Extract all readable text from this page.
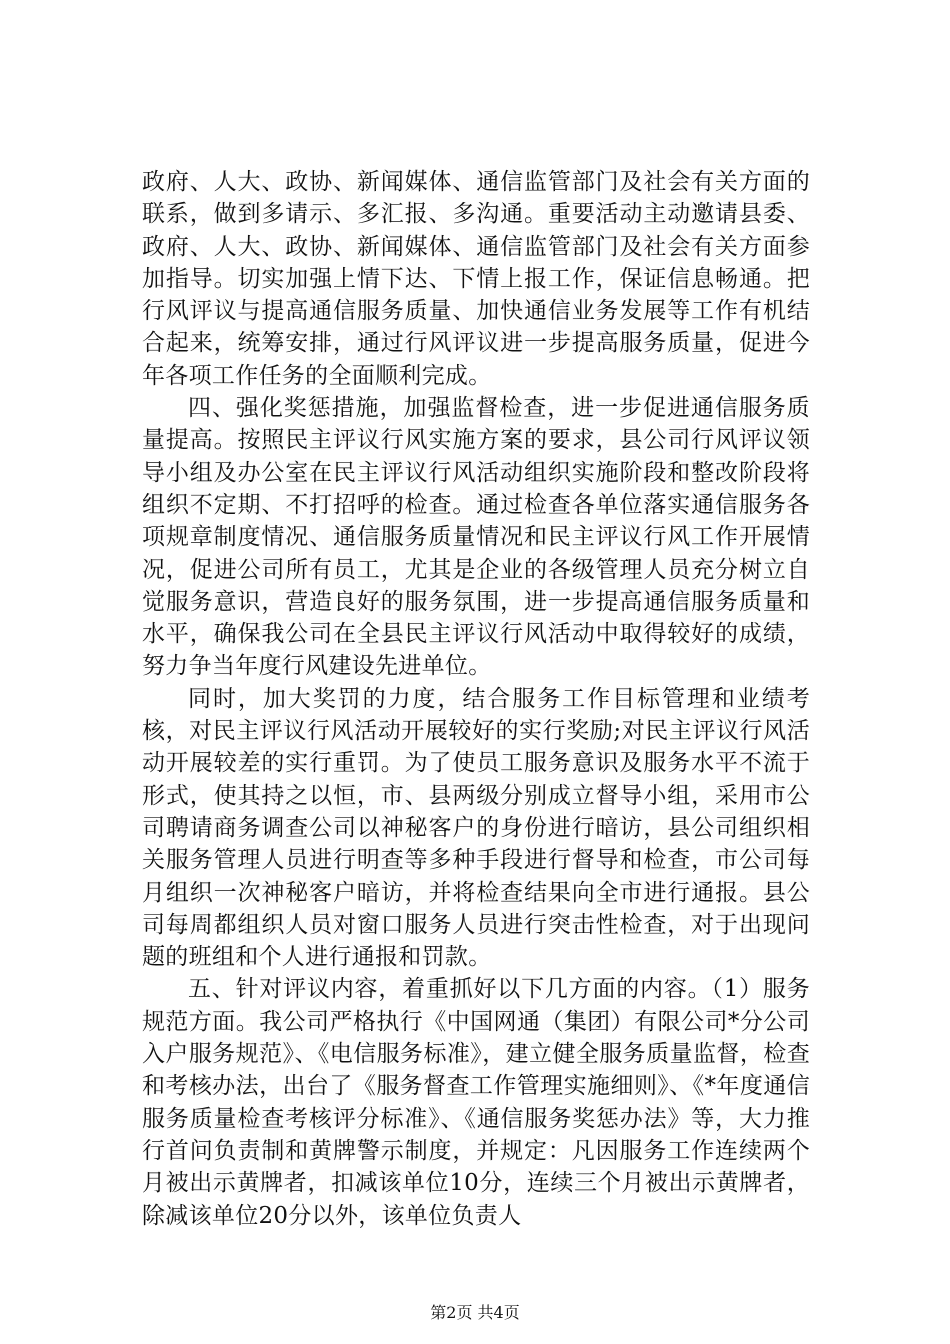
政府、人大、政协、新闻媒体、通信监管部门及社会有关方面的联系，做到多请示、多汇报、多沟通。重要活动主动邀请县委、政府、人大、政协、新闻媒体、通信监管部门及社会有关方面参加指导。切实加强上情下达、下情上报工作，保证信息畅通。把行风评议与提高通信服务质量、加快通信业务发展等工作有机结合起来，统筹安排，通过行风评议进一步提高服务质量，促进今年各项工作任务的全面顺利完成。

四、强化奖惩措施，加强监督检查，进一步促进通信服务质量提高。按照民主评议行风实施方案的要求，县公司行风评议领导小组及办公室在民主评议行风活动组织实施阶段和整改阶段将组织不定期、不打招呼的检查。通过检查各单位落实通信服务各项规章制度情况、通信服务质量情况和民主评议行风工作开展情况，促进公司所有员工，尤其是企业的各级管理人员充分树立自觉服务意识，营造良好的服务氛围，进一步提高通信服务质量和水平，确保我公司在全县民主评议行风活动中取得较好的成绩，努力争当年度行风建设先进单位。

同时，加大奖罚的力度，结合服务工作目标管理和业绩考核，对民主评议行风活动开展较好的实行奖励;对民主评议行风活动开展较差的实行重罚。为了使员工服务意识及服务水平不流于形式，使其持之以恒，市、县两级分别成立督导小组，采用市公司聘请商务调查公司以神秘客户的身份进行暗访，县公司组织相关服务管理人员进行明查等多种手段进行督导和检查，市公司每月组织一次神秘客户暗访，并将检查结果向全市进行通报。县公司每周都组织人员对窗口服务人员进行突击性检查，对于出现问题的班组和个人进行通报和罚款。

五、针对评议内容，着重抓好以下几方面的内容。（1）服务规范方面。我公司严格执行《中国网通（集团）有限公司*分公司入户服务规范》、《电信服务标准》，建立健全服务质量监督，检查和考核办法，出台了《服务督查工作管理实施细则》、《*年度通信服务质量检查考核评分标准》、《通信服务奖惩办法》等，大力推行首问负责制和黄牌警示制度，并规定：凡因服务工作连续两个月被出示黄牌者，扣减该单位10分，连续三个月被出示黄牌者，除减该单位20分以外，该单位负责人

第2页 共4页
